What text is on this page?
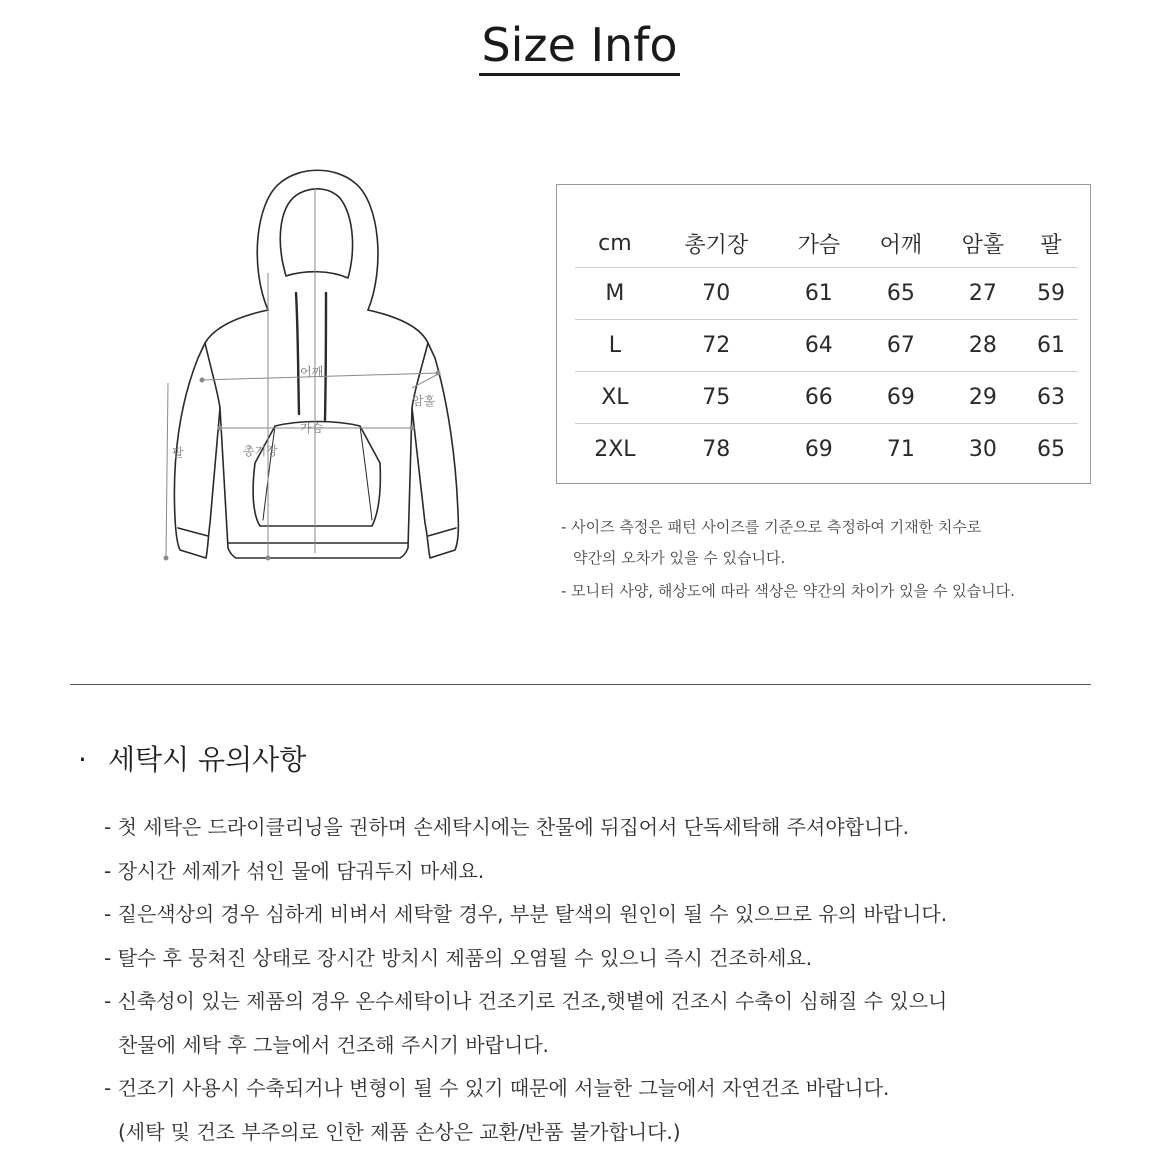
Size Info
어깨
암홀
가슴
총기장
팔
cm	총기장	가슴	어깨	암홀	팔
M	70	61	65	27	59
L	72	64	67	28	61
XL	75	66	69	29	63
2XL	78	69	71	30	65
- 사이즈 측정은 패턴 사이즈를 기준으로 측정하여 기재한 치수로
약간의 오차가 있을 수 있습니다.
- 모니터 사양, 해상도에 따라 색상은 약간의 차이가 있을 수 있습니다.
· 세탁시 유의사항
- 첫 세탁은 드라이클리닝을 권하며 손세탁시에는 찬물에 뒤집어서 단독세탁해 주셔야합니다.
- 장시간 세제가 섞인 물에 담궈두지 마세요.
- 짙은색상의 경우 심하게 비벼서 세탁할 경우, 부분 탈색의 원인이 될 수 있으므로 유의 바랍니다.
- 탈수 후 뭉쳐진 상태로 장시간 방치시 제품의 오염될 수 있으니 즉시 건조하세요.
- 신축성이 있는 제품의 경우 온수세탁이나 건조기로 건조,햇볕에 건조시 수축이 심해질 수 있으니
찬물에 세탁 후 그늘에서 건조해 주시기 바랍니다.
- 건조기 사용시 수축되거나 변형이 될 수 있기 때문에 서늘한 그늘에서 자연건조 바랍니다.
(세탁 및 건조 부주의로 인한 제품 손상은 교환/반품 불가합니다.)
